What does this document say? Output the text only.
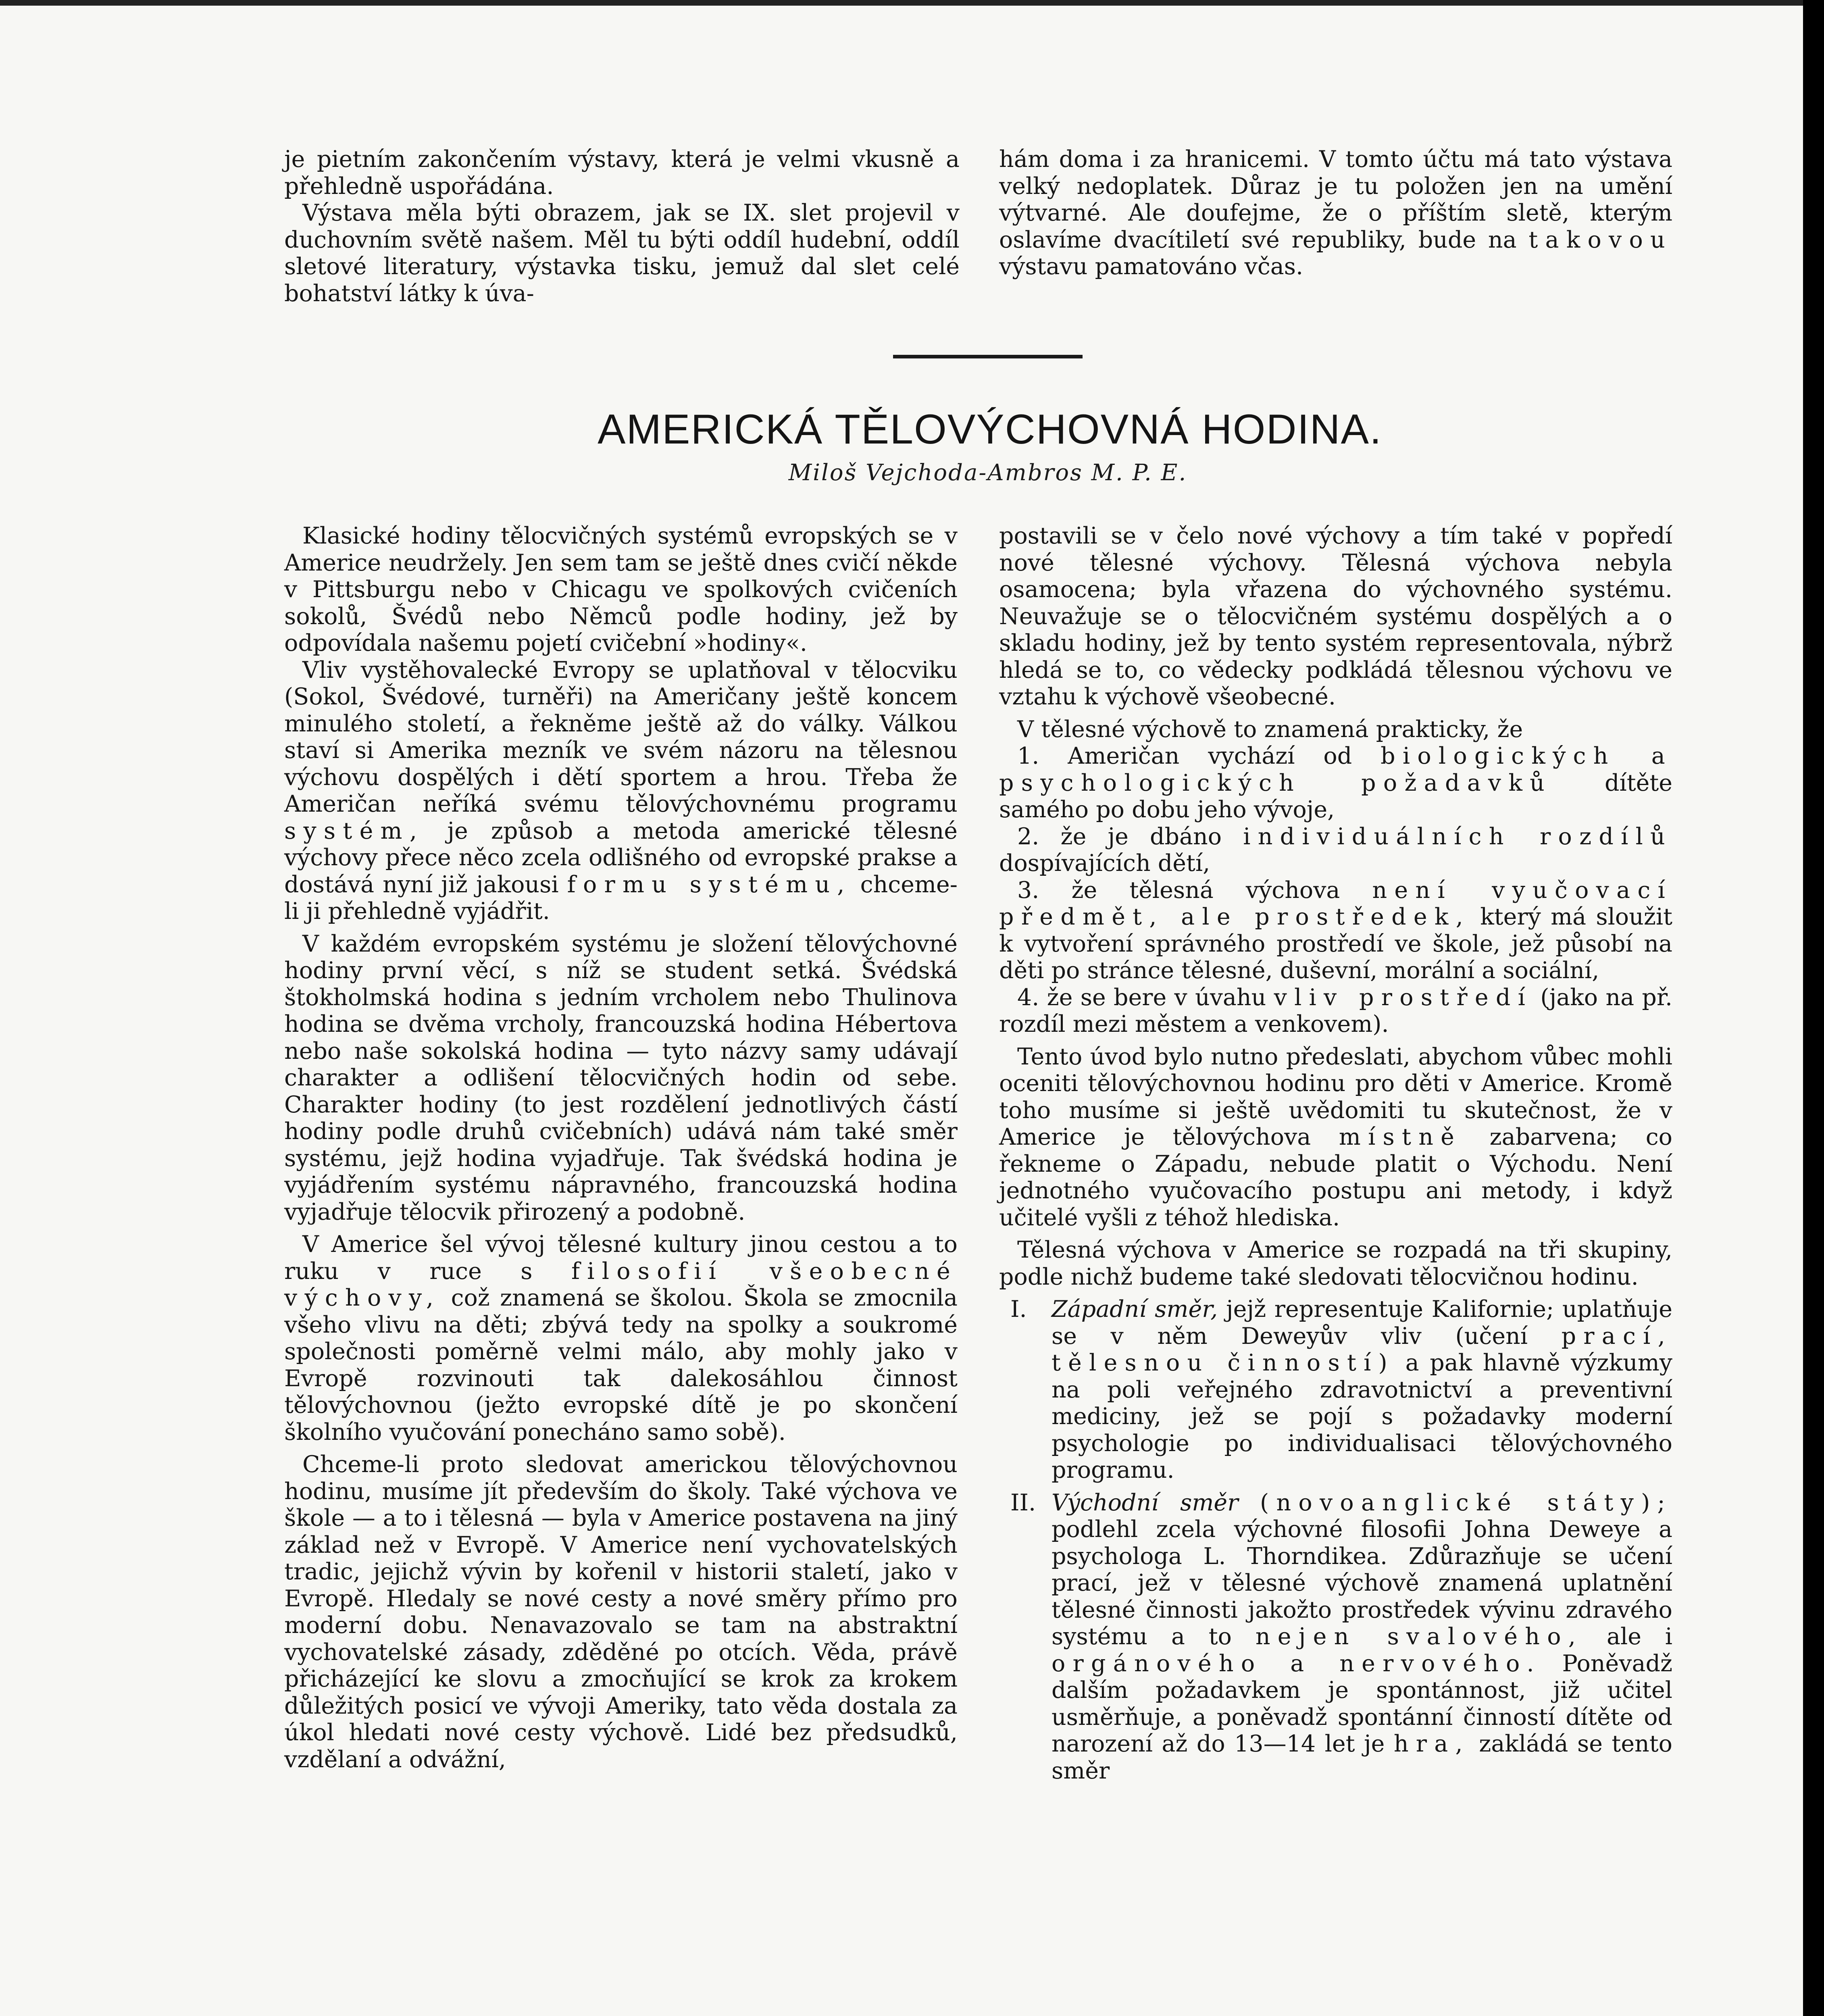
je pietním zakončením výstavy, která je velmi vkusně a přehledně uspořádána.

Výstava měla býti obrazem, jak se IX. slet projevil v duchovním světě našem. Měl tu býti oddíl hudební, oddíl sletové literatury, výstavka tisku, jemuž dal slet celé bohatství látky k úva-

hám doma i za hranicemi. V tomto účtu má tato výstava velký nedoplatek. Důraz je tu položen jen na umění výtvarné. Ale doufejme, že o příštím sletě, kterým oslavíme dvacítiletí své republiky, bude na takovou výstavu pamatováno včas.

AMERICKÁ TĚLOVÝCHOVNÁ HODINA.
Miloš Vejchoda-Ambros M. P. E.

Klasické hodiny tělocvičných systémů evropských se v Americe neudržely. Jen sem tam se ještě dnes cvičí někde v Pittsburgu nebo v Chicagu ve spolkových cvičeních sokolů, Švédů nebo Němců podle hodiny, jež by odpovídala našemu pojetí cvičební »hodiny«.

Vliv vystěhovalecké Evropy se uplatňoval v tělocviku (Sokol, Švédové, turněři) na Američany ještě koncem minulého století, a řekněme ještě až do války. Válkou staví si Amerika mezník ve svém názoru na tělesnou výchovu dospělých i dětí sportem a hrou. Třeba že Američan neříká svému tělovýchovnému programu systém, je způsob a metoda americké tělesné výchovy přece něco zcela odlišného od evropské prakse a dostává nyní již jakousi formu systému, chceme-li ji přehledně vyjádřit.

V každém evropském systému je složení tělovýchovné hodiny první věcí, s níž se student setká. Švédská štokholmská hodina s jedním vrcholem nebo Thulinova hodina se dvěma vrcholy, francouzská hodina Hébertova nebo naše sokolská hodina — tyto názvy samy udávají charakter a odlišení tělocvičných hodin od sebe. Charakter hodiny (to jest rozdělení jednotlivých částí hodiny podle druhů cvičebních) udává nám také směr systému, jejž hodina vyjadřuje. Tak švédská hodina je vyjádřením systému nápravného, francouzská hodina vyjadřuje tělocvik přirozený a podobně.

V Americe šel vývoj tělesné kultury jinou cestou a to ruku v ruce s filosofií všeobecné výchovy, což znamená se školou. Škola se zmocnila všeho vlivu na děti; zbývá tedy na spolky a soukromé společnosti poměrně velmi málo, aby mohly jako v Evropě rozvinouti tak dalekosáhlou činnost tělovýchovnou (ježto evropské dítě je po skončení školního vyučování ponecháno samo sobě).

Chceme-li proto sledovat americkou tělovýchovnou hodinu, musíme jít především do školy. Také výchova ve škole — a to i tělesná — byla v Americe postavena na jiný základ než v Evropě. V Americe není vychovatelských tradic, jejichž vývin by kořenil v historii staletí, jako v Evropě. Hledaly se nové cesty a nové směry přímo pro moderní dobu. Nenavazovalo se tam na abstraktní vychovatelské zásady, zděděné po otcích. Věda, právě přicházející ke slovu a zmocňující se krok za krokem důležitých posicí ve vývoji Ameriky, tato věda dostala za úkol hledati nové cesty výchově. Lidé bez předsudků, vzdělaní a odvážní,

postavili se v čelo nové výchovy a tím také v popředí nové tělesné výchovy. Tělesná výchova nebyla osamocena; byla vřazena do výchovného systému. Neuvažuje se o tělocvičném systému dospělých a o skladu hodiny, jež by tento systém representovala, nýbrž hledá se to, co vědecky podkládá tělesnou výchovu ve vztahu k výchově všeobecné.

V tělesné výchově to znamená prakticky, že

1. Američan vychází od biologických a psychologických požadavků dítěte samého po dobu jeho vývoje,

2. že je dbáno individuálních rozdílů dospívajících dětí,

3. že tělesná výchova není vyučovací předmět, ale prostředek, který má sloužit k vytvoření správného prostředí ve škole, jež působí na děti po stránce tělesné, duševní, morální a sociální,

4. že se bere v úvahu vliv prostředí (jako na př. rozdíl mezi městem a venkovem).

Tento úvod bylo nutno předeslati, abychom vůbec mohli oceniti tělovýchovnou hodinu pro děti v Americe. Kromě toho musíme si ještě uvědomiti tu skutečnost, že v Americe je tělovýchova místně zabarvena; co řekneme o Západu, nebude platit o Východu. Není jednotného vyučovacího postupu ani metody, i když učitelé vyšli z téhož hlediska.

Tělesná výchova v Americe se rozpadá na tři skupiny, podle nichž budeme také sledovati tělocvičnou hodinu.

I. Západní směr, jejž representuje Kalifornie; uplatňuje se v něm Deweyův vliv (učení prací, tělesnou činností) a pak hlavně výzkumy na poli veřejného zdravotnictví a preventivní mediciny, jež se pojí s požadavky moderní psychologie po individualisaci tělovýchovného programu.

II. Východní směr (novoanglické státy); podlehl zcela výchovné filosofii Johna Deweye a psychologa L. Thorndikea. Zdůrazňuje se učení prací, jež v tělesné výchově znamená uplatnění tělesné činnosti jakožto prostředek vývinu zdravého systému a to nejen svalového, ale i orgánového a nervového. Poněvadž dalším požadavkem je spontánnost, již učitel usměrňuje, a poněvadž spontánní činností dítěte od narození až do 13—14 let je hra, zakládá se tento směr
